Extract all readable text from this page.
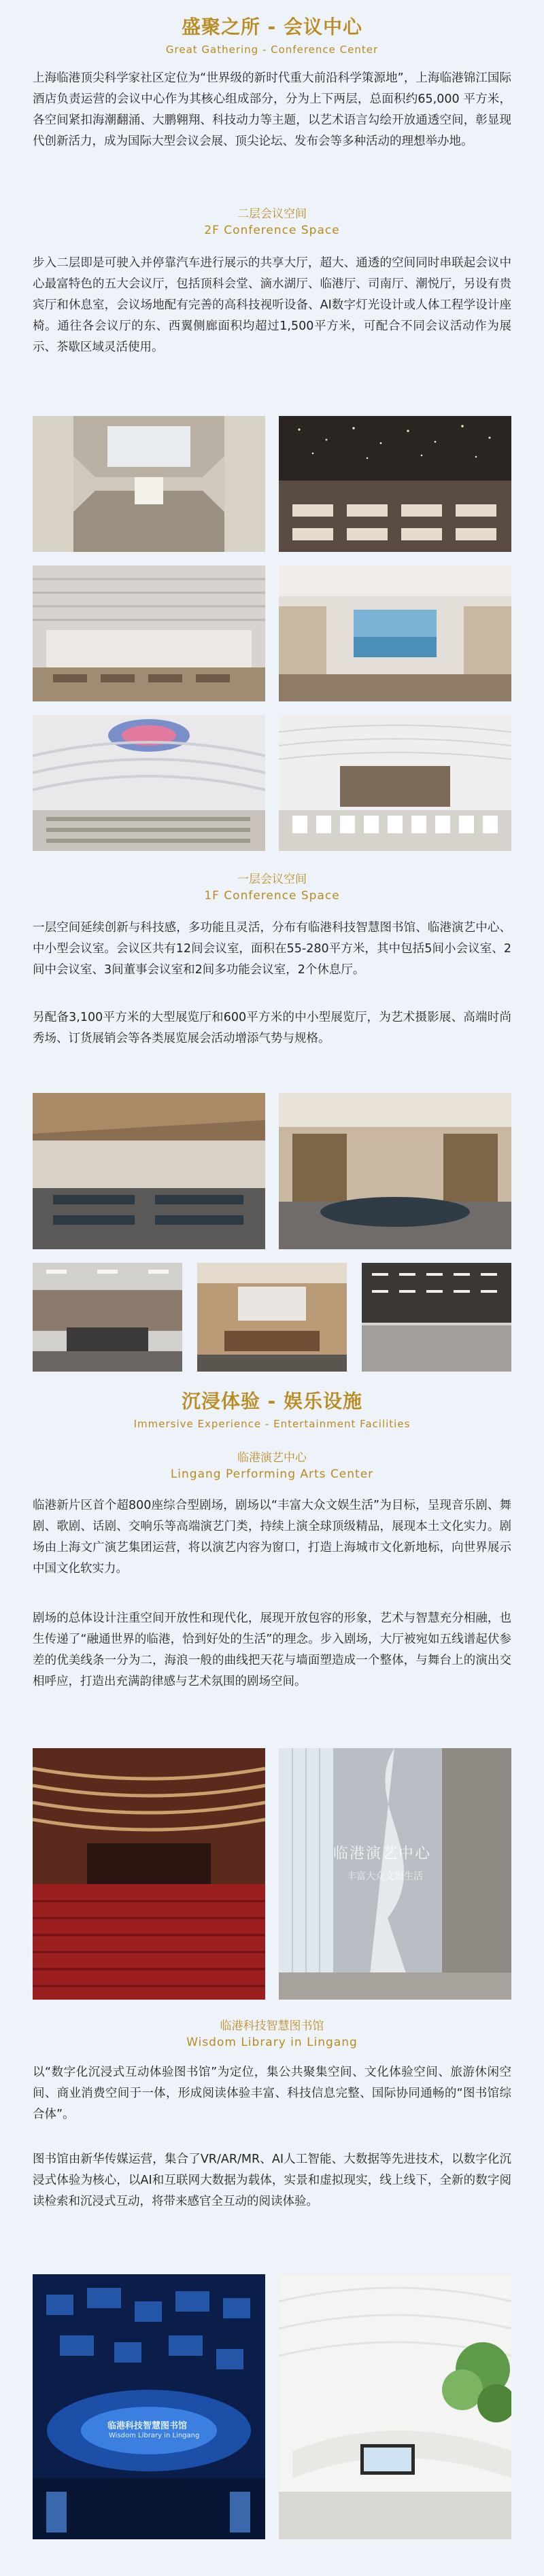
盛聚之所 - 会议中心
Great Gathering - Conference Center

上海临港顶尖科学家社区定位为“世界级的新时代重大前沿科学策源地”，上海临港锦江国际酒店负责运营的会议中心作为其核心组成部分，分为上下两层，总面积约65,000 平方米，各空间紧扣海潮翻涌、大鹏翱翔、科技动力等主题，以艺术语言勾绘开放通透空间，彰显现代创新活力，成为国际大型会议会展、顶尖论坛、发布会等多种活动的理想举办地。

二层会议空间
2F Conference Space

步入二层即是可驶入并停靠汽车进行展示的共享大厅，超大、通透的空间同时串联起会议中心最富特色的五大会议厅，包括顶科会堂、滴水湖厅、临港厅、司南厅、潮悦厅，另设有贵宾厅和休息室，会议场地配有完善的高科技视听设备、AI数字灯光设计或人体工程学设计座椅。通往各会议厅的东、西翼侧廊面积均超过1,500平方米，可配合不同会议活动作为展示、茶歇区域灵活使用。

一层会议空间
1F Conference Space

一层空间延续创新与科技感，多功能且灵活，分布有临港科技智慧图书馆、临港演艺中心、中小型会议室。会议区共有12间会议室，面积在55-280平方米，其中包括5间小会议室、2间中会议室、3间董事会议室和2间多功能会议室，2个休息厅。

另配备3,100平方米的大型展览厅和600平方米的中小型展览厅，为艺术摄影展、高端时尚秀场、订货展销会等各类展览展会活动增添气势与规格。

沉浸体验 - 娱乐设施
Immersive Experience - Entertainment Facilities
临港演艺中心
Lingang Performing Arts Center

临港新片区首个超800座综合型剧场，剧场以“丰富大众文娱生活”为目标，呈现音乐剧、舞剧、歌剧、话剧、交响乐等高端演艺门类，持续上演全球顶级精品，展现本土文化实力。剧场由上海文广演艺集团运营，将以演艺内容为窗口，打造上海城市文化新地标，向世界展示中国文化软实力。

剧场的总体设计注重空间开放性和现代化，展现开放包容的形象，艺术与智慧充分相融，也生传递了“融通世界的临港，恰到好处的生活”的理念。步入剧场，大厅被宛如五线谱起伏参差的优美线条一分为二，海浪一般的曲线把天花与墙面塑造成一个整体，与舞台上的演出交相呼应，打造出充满韵律感与艺术氛围的剧场空间。

临港演艺中心
丰富大众文娱生活
临港科技智慧图书馆
Wisdom Library in Lingang

以“数字化沉浸式互动体验图书馆”为定位，集公共聚集空间、文化体验空间、旅游休闲空间、商业消费空间于一体，形成阅读体验丰富、科技信息完整、国际协同通畅的“图书馆综合体”。

图书馆由新华传媒运营，集合了VR/AR/MR、AI人工智能、大数据等先进技术，以数字化沉浸式体验为核心，以AI和互联网大数据为载体，实景和虚拟现实，线上线下，全新的数字阅读检索和沉浸式互动，将带来感官全互动的阅读体验。

临港科技智慧图书馆
Wisdom Library in Lingang
